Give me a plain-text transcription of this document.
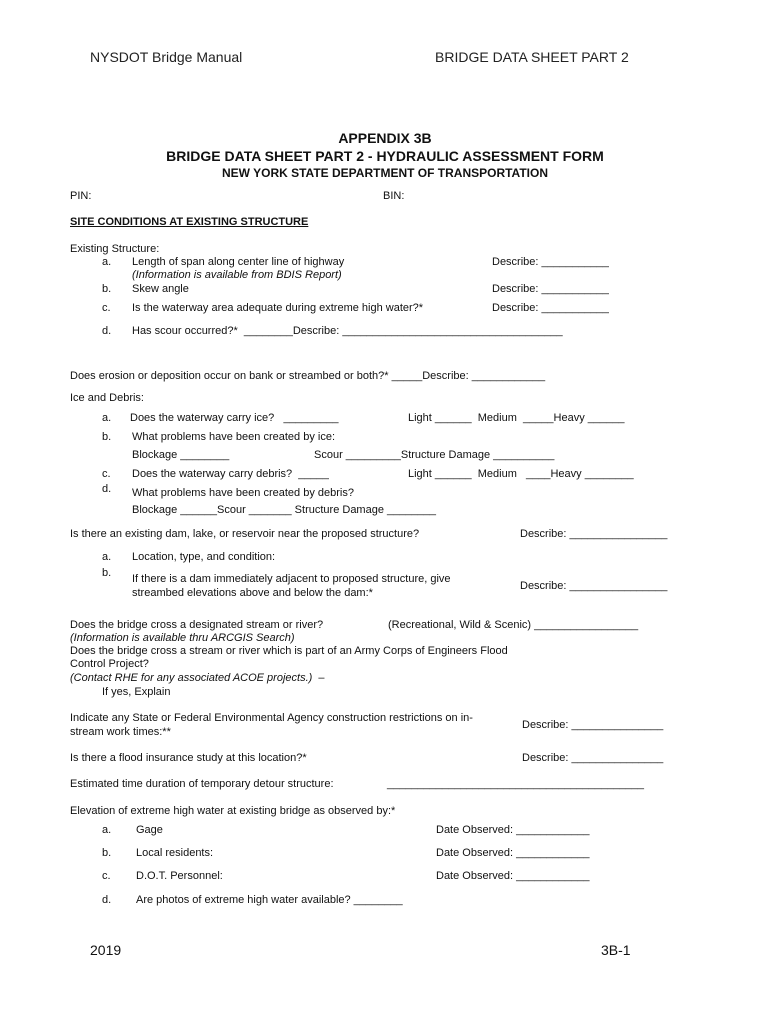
NYSDOT Bridge Manual	BRIDGE DATA SHEET PART 2
APPENDIX 3B
BRIDGE DATA SHEET PART 2 - HYDRAULIC ASSESSMENT FORM
NEW YORK STATE DEPARTMENT OF TRANSPORTATION
PIN:	BIN:
SITE CONDITIONS AT EXISTING STRUCTURE
Existing Structure:
a. Length of span along center line of highway
(Information is available from BDIS Report)
Describe: ___________
b. Skew angle	Describe: ___________
c. Is the waterway area adequate during extreme high water?*	Describe: ___________
d. Has scour occurred?*  ________Describe: ____________________________________
Does erosion or deposition occur on bank or streambed or both?* _____Describe: ____________
Ice and Debris:
a. Does the waterway carry ice?   _________	Light ______  Medium  _____Heavy ______
b. What problems have been created by ice:
Blockage ________	Scour _________Structure Damage __________
c. Does the waterway carry debris?  _____	Light ______  Medium   ____Heavy ________
d. What problems have been created by debris?
Blockage ______Scour _______ Structure Damage ________
Is there an existing dam, lake, or reservoir near the proposed structure?	Describe: ________________
a. Location, type, and condition:
b. If there is a dam immediately adjacent to proposed structure, give
streambed elevations above and below the dam:*
Describe: ________________
Does the bridge cross a designated stream or river?	(Recreational, Wild & Scenic) _________________
(Information is available thru ARCGIS Search)
Does the bridge cross a stream or river which is part of an Army Corps of Engineers Flood
Control Project?
(Contact RHE for any associated ACOE projects.)  –
If yes, Explain
Indicate any State or Federal Environmental Agency construction restrictions on in-
stream work times:**
Describe: _______________
Is there a flood insurance study at this location?*	Describe: _______________
Estimated time duration of temporary detour structure:	__________________________________________
Elevation of extreme high water at existing bridge as observed by:*
a. Gage	Date Observed: ____________
b. Local residents:	Date Observed: ____________
c. D.O.T. Personnel:	Date Observed: ____________
d. Are photos of extreme high water available? ________
2019	3B-1
